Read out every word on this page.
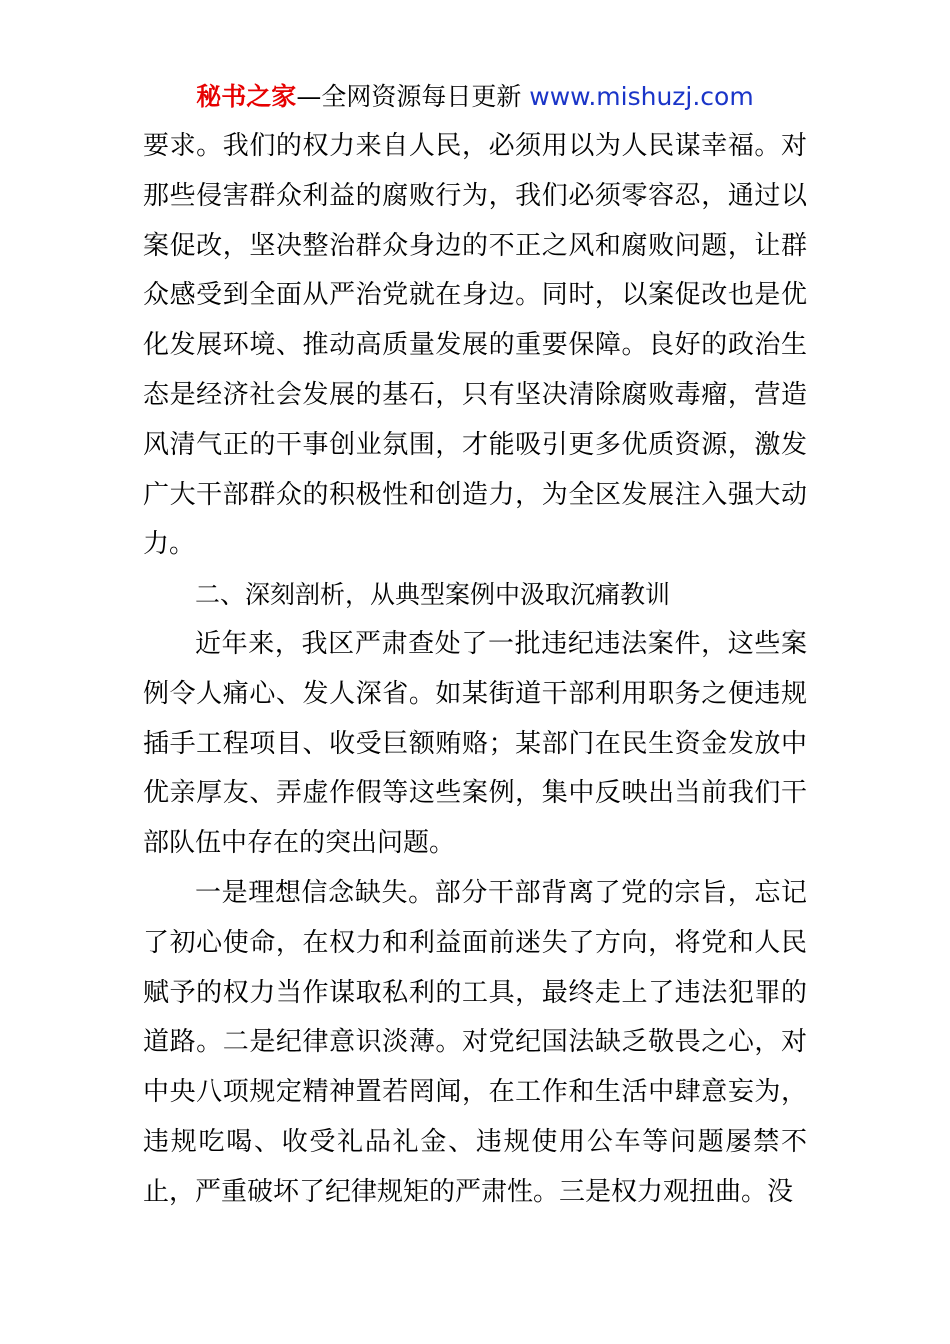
秘书之家—全网资源每日更新 www.mishuzj.com

要求。我们的权力来自人民，必须用以为人民谋幸福。对那些侵害群众利益的腐败行为，我们必须零容忍，通过以案促改，坚决整治群众身边的不正之风和腐败问题，让群众感受到全面从严治党就在身边。同时，以案促改也是优化发展环境、推动高质量发展的重要保障。良好的政治生态是经济社会发展的基石，只有坚决清除腐败毒瘤，营造风清气正的干事创业氛围，才能吸引更多优质资源，激发广大干部群众的积极性和创造力，为全区发展注入强大动力。

二、深刻剖析，从典型案例中汲取沉痛教训

近年来，我区严肃查处了一批违纪违法案件，这些案例令人痛心、发人深省。如某街道干部利用职务之便违规插手工程项目、收受巨额贿赂；某部门在民生资金发放中优亲厚友、弄虚作假等这些案例，集中反映出当前我们干部队伍中存在的突出问题。

一是理想信念缺失。部分干部背离了党的宗旨，忘记了初心使命，在权力和利益面前迷失了方向，将党和人民赋予的权力当作谋取私利的工具，最终走上了违法犯罪的道路。二是纪律意识淡薄。对党纪国法缺乏敬畏之心，对中央八项规定精神置若罔闻，在工作和生活中肆意妄为，违规吃喝、收受礼品礼金、违规使用公车等问题屡禁不止，严重破坏了纪律规矩的严肃性。三是权力观扭曲。没
